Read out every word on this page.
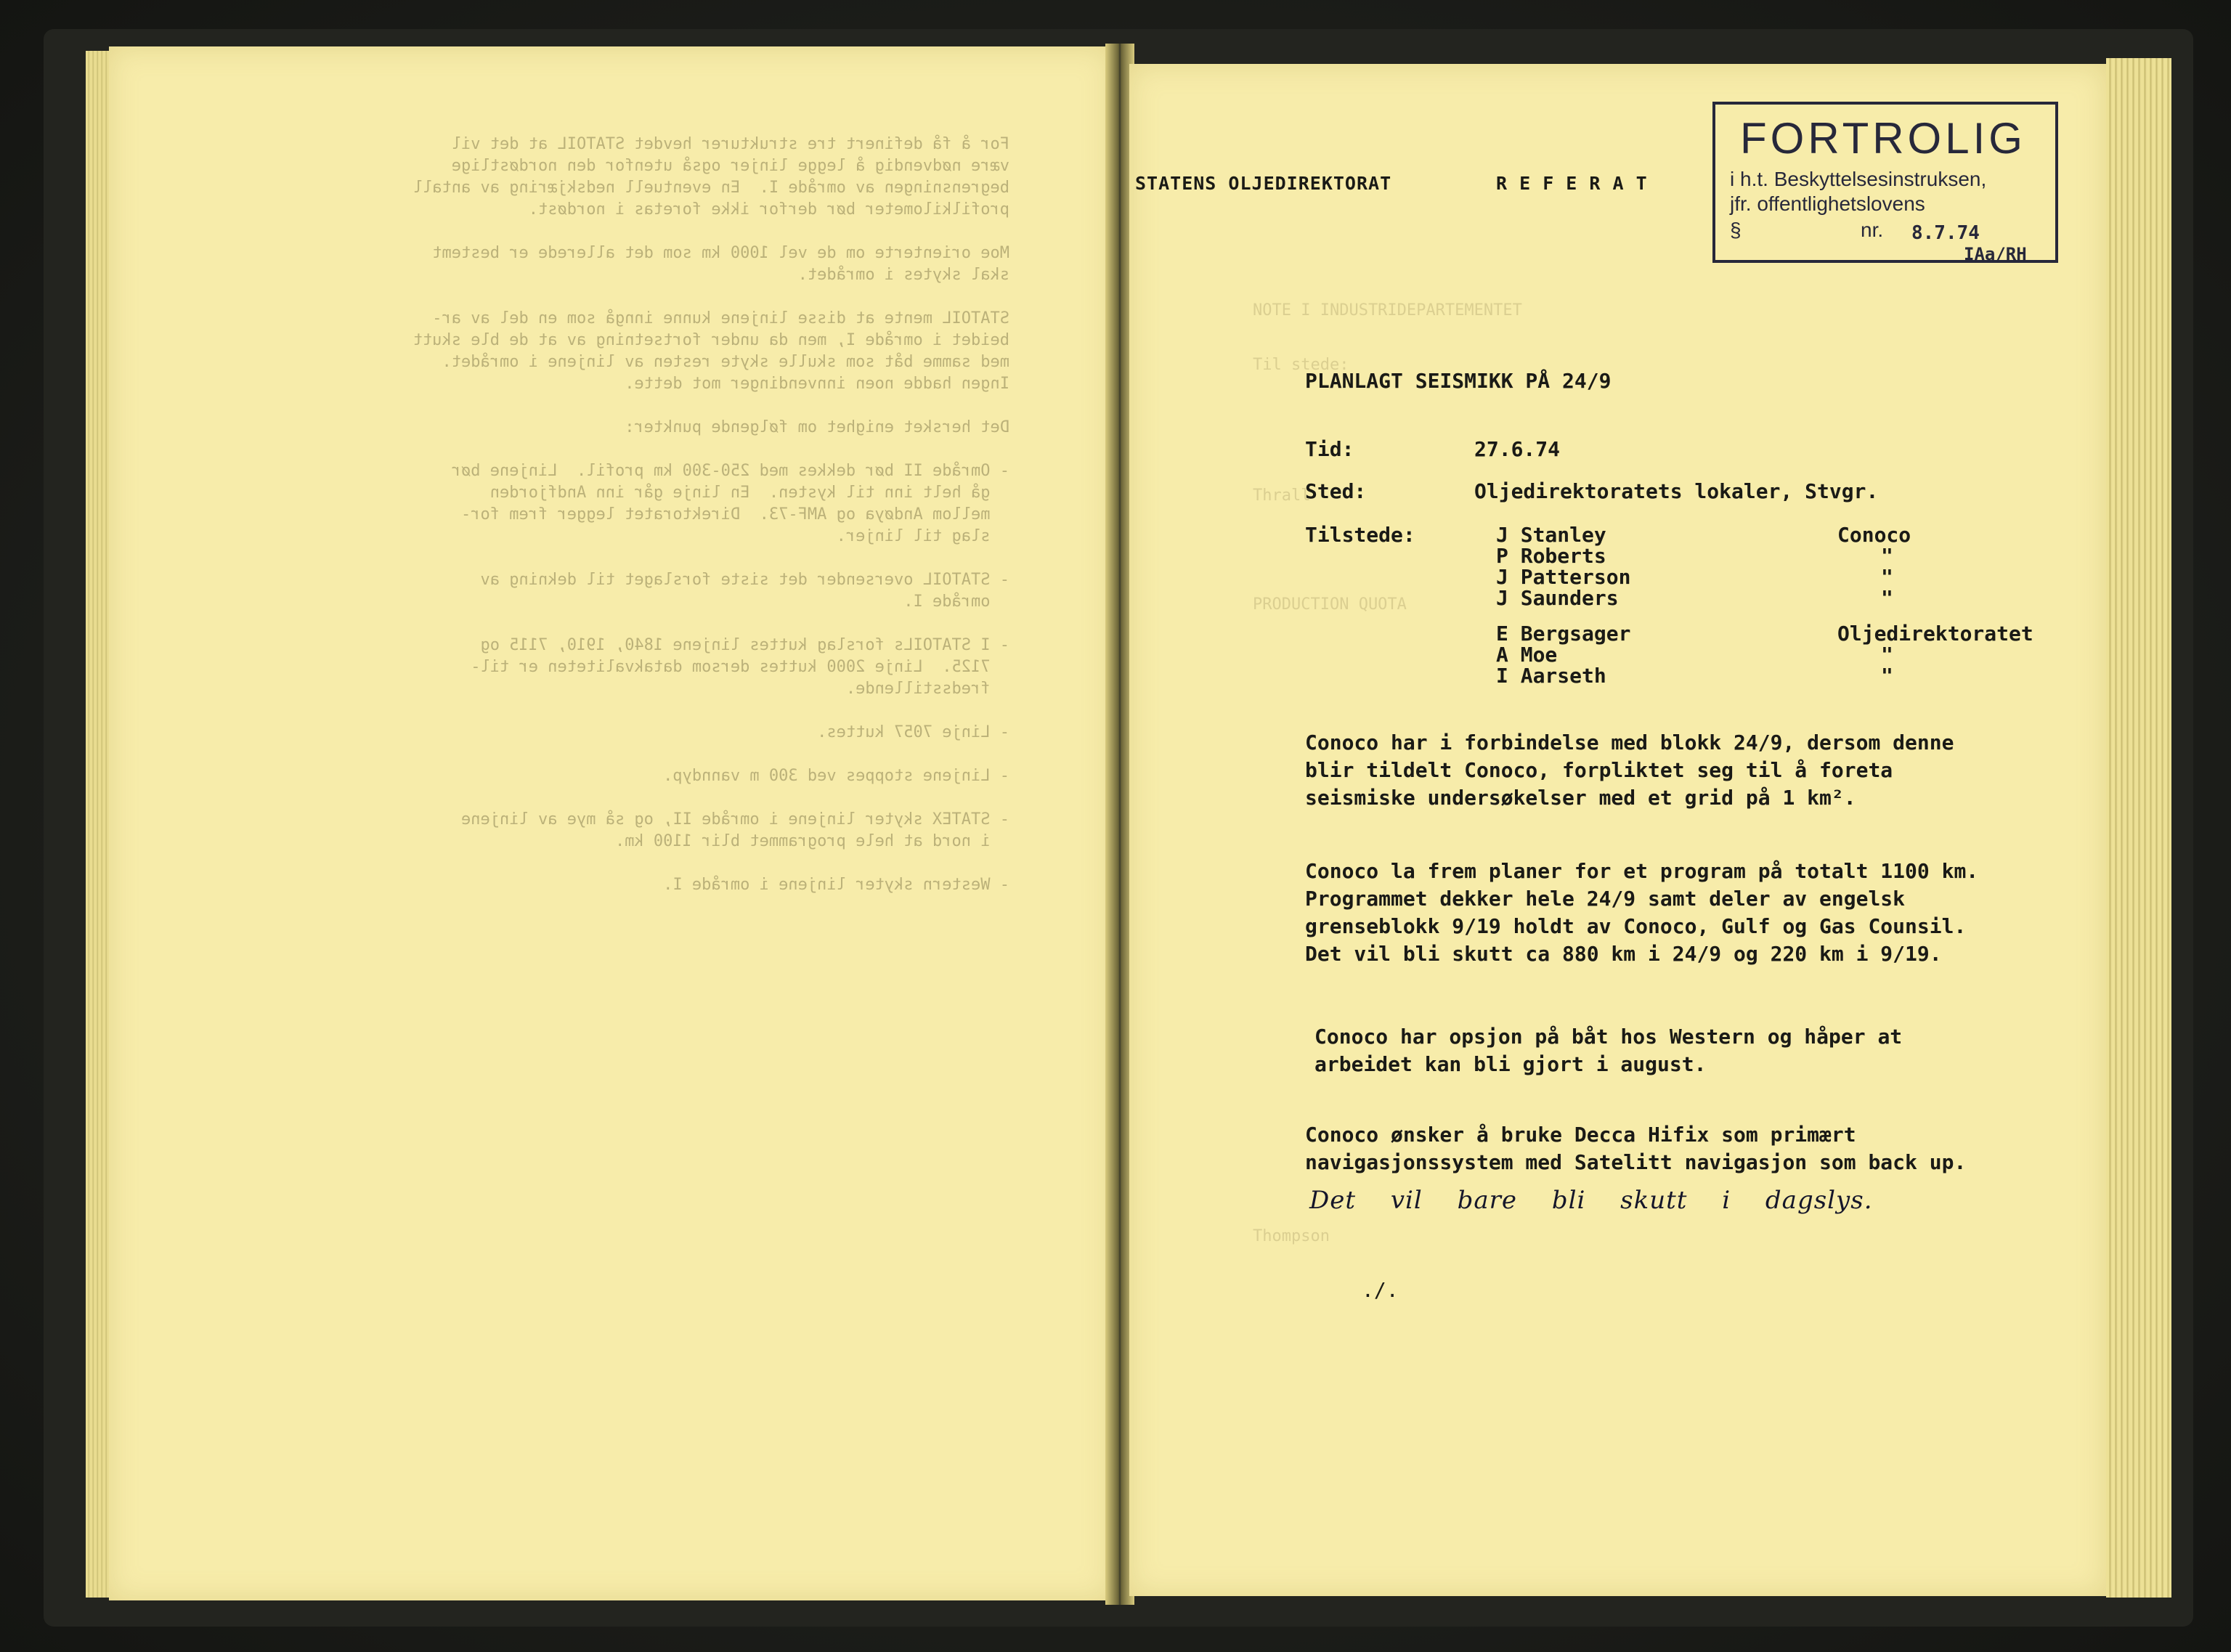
For å få definert tre strukturer hevdet STATOIL at det vil
være nødvendig å legge linjer også utenfor den nordøstlige
begrensningen av område I.  En eventuell nedskjæring av antall
profilkilometer bør derfor ikke foretas i nordøst.
Moe orienterte om de vel 1000 km som det allerede er bestemt
skal skytes i området.
STATOIL mente at disse linjene kunne inngå som en del av ar-
beidet i område I, men da under fortsetning av at de ble skutt
med samme båt som skulle skyte resten av linjene i området.
Ingen hadde noen innvendinger mot dette.
Det hersket enighet om følgende punkter:
- Område II bør dekkes med 250-300 km profil.  Linjene bør
gå helt inn til kysten.  En linje går inn Andfjorden
mellom Andøya og AMF-73.  Direktoratet legger frem for-
slag til linjer.
- STATOIL oversender det siste forslaget til dekning av
område I.
- I STATOILs forslag kuttes linjene 1840, 1910, 7115 og
7125.  Linje 2000 kuttes dersom datakvaliteten er til-
fredsstillende.
- Linje 7057 kuttes.
- Linjene stoppes ved 300 m vanndyp.
- STATEX skyter linjene i område II, og så mye av linjene
i nord at hele programmet blir 1100 km.
- Western skyter linjene i område I.
NOTE I INDUSTRIDEPARTEMENTET
Til stede:
Thrall
PRODUCTION QUOTA
Thompson
STATENS OLJEDIREKTORAT	R E F E R A T
FORTROLIG
i h.t. Beskyttelsesinstruksen,
jfr. offentlighetslovens
§	nr. 8.7.74
IAa/RH
PLANLAGT SEISMIKK PÅ 24/9
Tid:	27.6.74
Sted:	Oljedirektoratets lokaler, Stvgr.
Tilstede:	J Stanley	Conoco
P Roberts	"
J Patterson	"
J Saunders	"
E Bergsager	Oljedirektoratet
A Moe	"
I Aarseth	"
Conoco har i forbindelse med blokk 24/9, dersom denne
blir tildelt Conoco, forpliktet seg til å foreta
seismiske undersøkelser med et grid på 1 km².
Conoco la frem planer for et program på totalt 1100 km.
Programmet dekker hele 24/9 samt deler av engelsk
grenseblokk 9/19 holdt av Conoco, Gulf og Gas Counsil.
Det vil bli skutt ca 880 km i 24/9 og 220 km i 9/19.
Conoco har opsjon på båt hos Western og håper at
arbeidet kan bli gjort i august.
Conoco ønsker å bruke Decca Hifix som primært
navigasjonssystem med Satelitt navigasjon som back up.
Det vil bare bli skutt i dagslys.
./.
